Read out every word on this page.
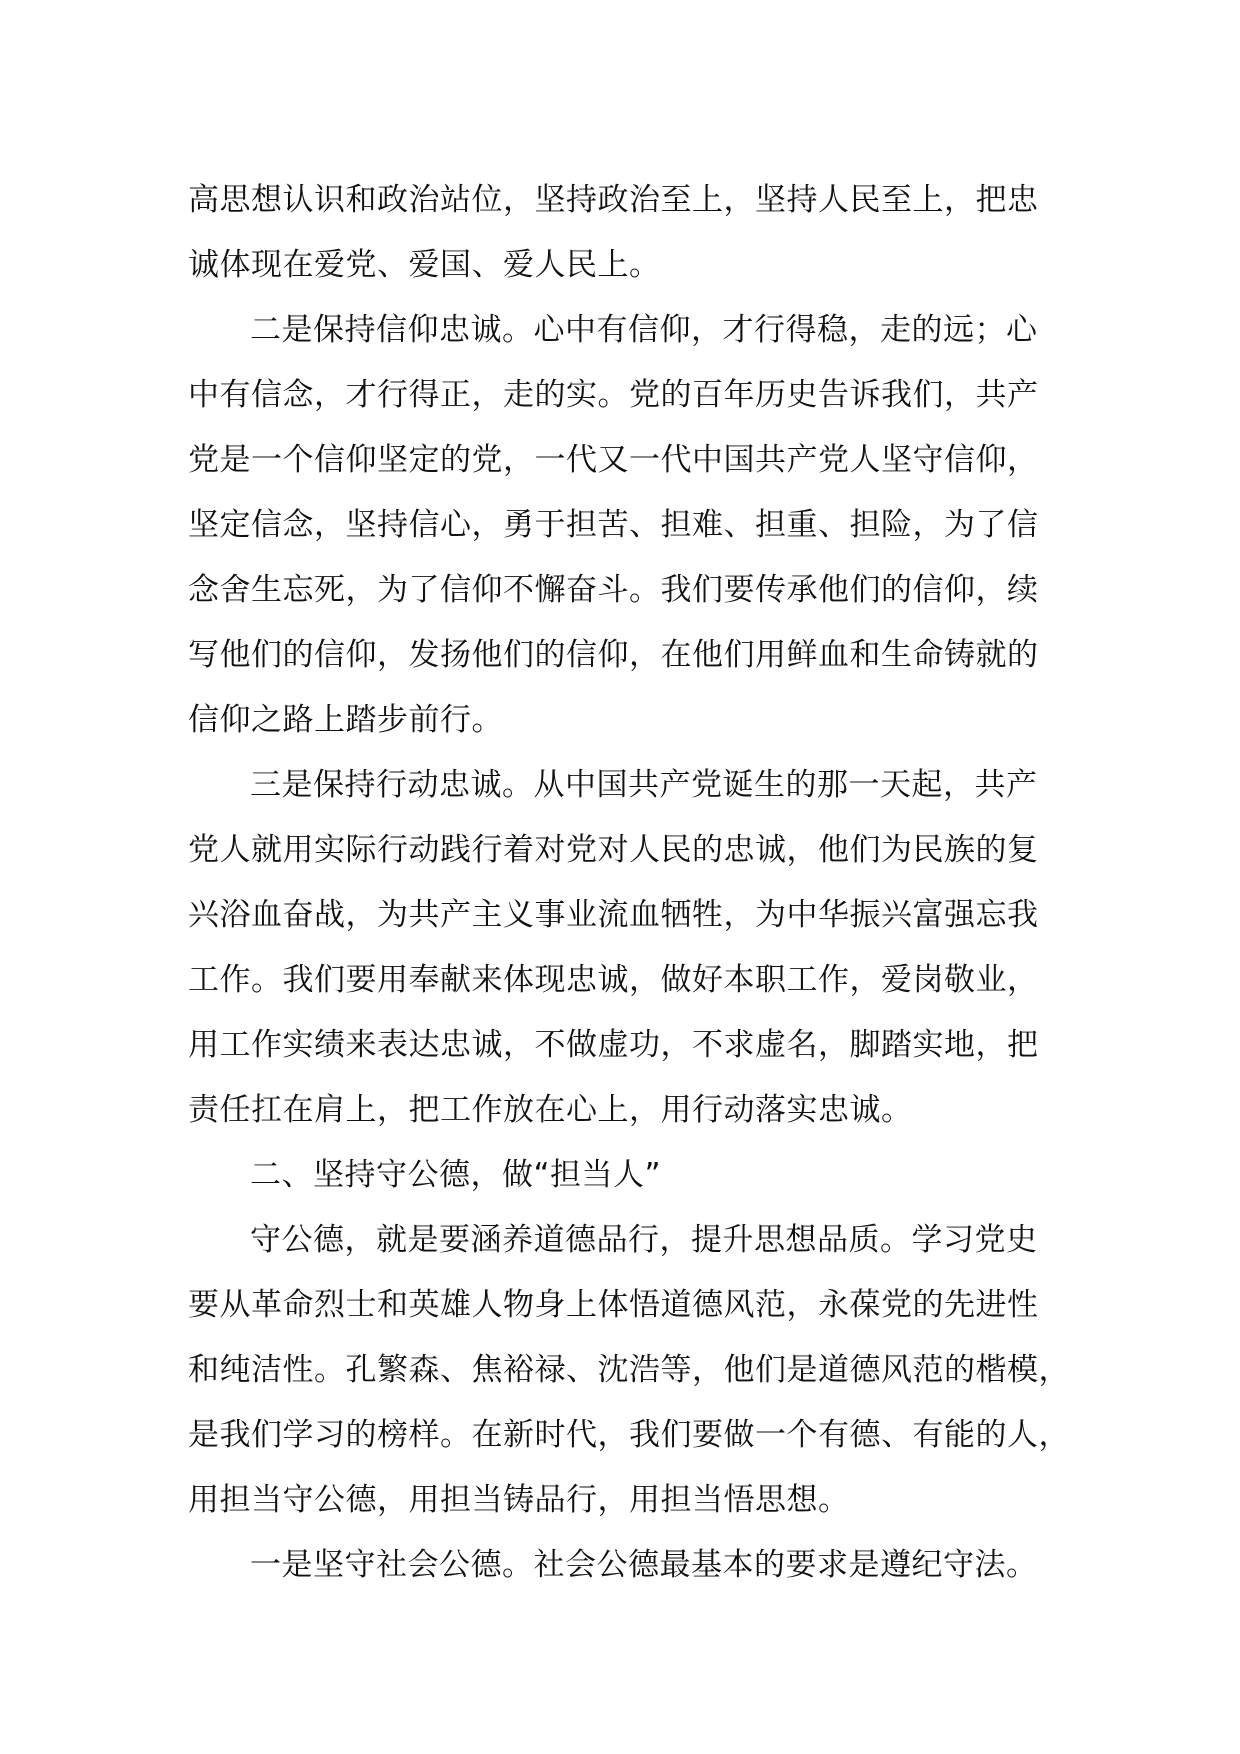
高思想认识和政治站位，坚持政治至上，坚持人民至上，把忠
诚体现在爱党、爱国、爱人民上。
二是保持信仰忠诚。心中有信仰，才行得稳，走的远；心
中有信念，才行得正，走的实。党的百年历史告诉我们，共产
党是一个信仰坚定的党，一代又一代中国共产党人坚守信仰，
坚定信念，坚持信心，勇于担苦、担难、担重、担险，为了信
念舍生忘死，为了信仰不懈奋斗。我们要传承他们的信仰，续
写他们的信仰，发扬他们的信仰，在他们用鲜血和生命铸就的
信仰之路上踏步前行。
三是保持行动忠诚。从中国共产党诞生的那一天起，共产
党人就用实际行动践行着对党对人民的忠诚，他们为民族的复
兴浴血奋战，为共产主义事业流血牺牲，为中华振兴富强忘我
工作。我们要用奉献来体现忠诚，做好本职工作，爱岗敬业，
用工作实绩来表达忠诚，不做虚功，不求虚名，脚踏实地，把
责任扛在肩上，把工作放在心上，用行动落实忠诚。
二、坚持守公德，做“担当人”
守公德，就是要涵养道德品行，提升思想品质。学习党史
要从革命烈士和英雄人物身上体悟道德风范，永葆党的先进性
和纯洁性。孔繁森、焦裕禄、沈浩等，他们是道德风范的楷模，
是我们学习的榜样。在新时代，我们要做一个有德、有能的人，
用担当守公德，用担当铸品行，用担当悟思想。
一是坚守社会公德。社会公德最基本的要求是遵纪守法。
